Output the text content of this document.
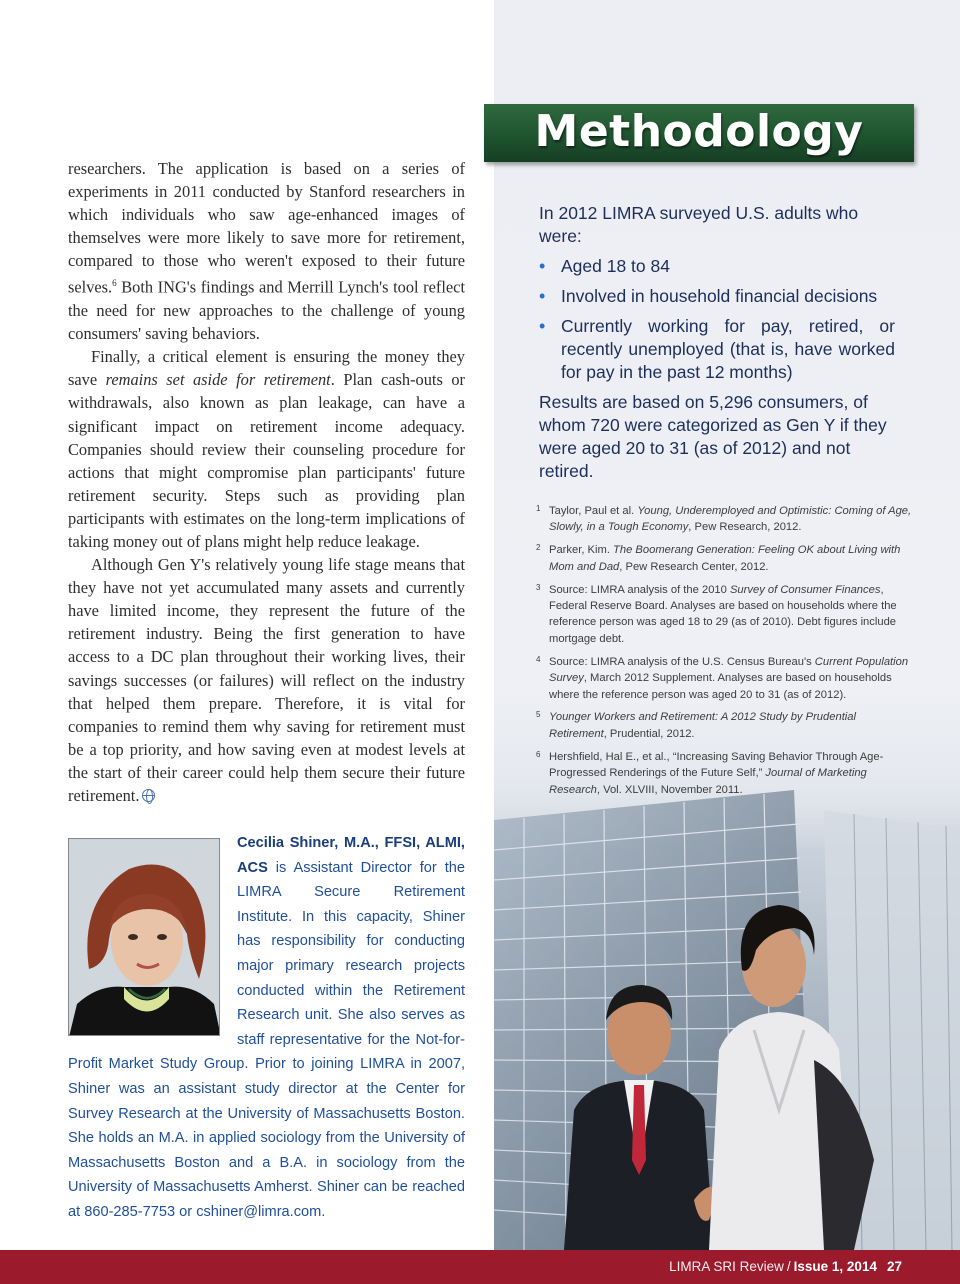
Methodology
In 2012 LIMRA surveyed U.S. adults who were:
• Aged 18 to 84
• Involved in household financial decisions
• Currently working for pay, retired, or recently unemployed (that is, have worked for pay in the past 12 months)
Results are based on 5,296 consumers, of whom 720 were categorized as Gen Y if they were aged 20 to 31 (as of 2012) and not retired.
1 Taylor, Paul et al. Young, Underemployed and Optimistic: Coming of Age, Slowly, in a Tough Economy, Pew Research, 2012.
2 Parker, Kim. The Boomerang Generation: Feeling OK about Living with Mom and Dad, Pew Research Center, 2012.
3 Source: LIMRA analysis of the 2010 Survey of Consumer Finances, Federal Reserve Board. Analyses are based on households where the reference person was aged 18 to 29 (as of 2010). Debt figures include mortgage debt.
4 Source: LIMRA analysis of the U.S. Census Bureau's Current Population Survey, March 2012 Supplement. Analyses are based on households where the reference person was aged 20 to 31 (as of 2012).
5 Younger Workers and Retirement: A 2012 Study by Prudential Retirement, Prudential, 2012.
6 Hershfield, Hal E., et al., “Increasing Saving Behavior Through Age-Progressed Renderings of the Future Self,” Journal of Marketing Research, Vol. XLVIII, November 2011.

researchers. The application is based on a series of experiments in 2011 conducted by Stanford researchers in which individuals who saw age-enhanced images of themselves were more likely to save more for retirement, compared to those who weren't exposed to their future selves.$^6$ Both ING's findings and Merrill Lynch's tool reflect the need for new approaches to the challenge of young consumers' saving behaviors.

Finally, a critical element is ensuring the money they save remains set aside for retirement. Plan cash-outs or withdrawals, also known as plan leakage, can have a significant impact on retirement income adequacy. Companies should review their counseling procedure for actions that might compromise plan participants' future retirement security. Steps such as providing plan participants with estimates on the long-term implications of taking money out of plans might help reduce leakage.

Although Gen Y's relatively young life stage means that they have not yet accumulated many assets and currently have limited income, they represent the future of the retirement industry. Being the first generation to have access to a DC plan throughout their working lives, their savings successes (or failures) will reflect on the industry that helped them prepare. Therefore, it is vital for companies to remind them why saving for retirement must be a top priority, and how saving even at modest levels at the start of their career could help them secure their future retirement.

Cecilia Shiner, M.A., FFSI, ALMI, ACS is Assistant Director for the LIMRA Secure Retirement Institute. In this capacity, Shiner has responsibility for conducting major primary research projects conducted within the Retirement Research unit. She also serves as staff representative for the Not-for-Profit Market Study Group. Prior to joining LIMRA in 2007, Shiner was an assistant study director at the Center for Survey Research at the University of Massachusetts Boston. She holds an M.A. in applied sociology from the University of Massachusetts Boston and a B.A. in sociology from the University of Massachusetts Amherst. Shiner can be reached at 860-285-7753 or cshiner@limra.com.
LIMRA SRI Review / Issue 1, 2014 27
